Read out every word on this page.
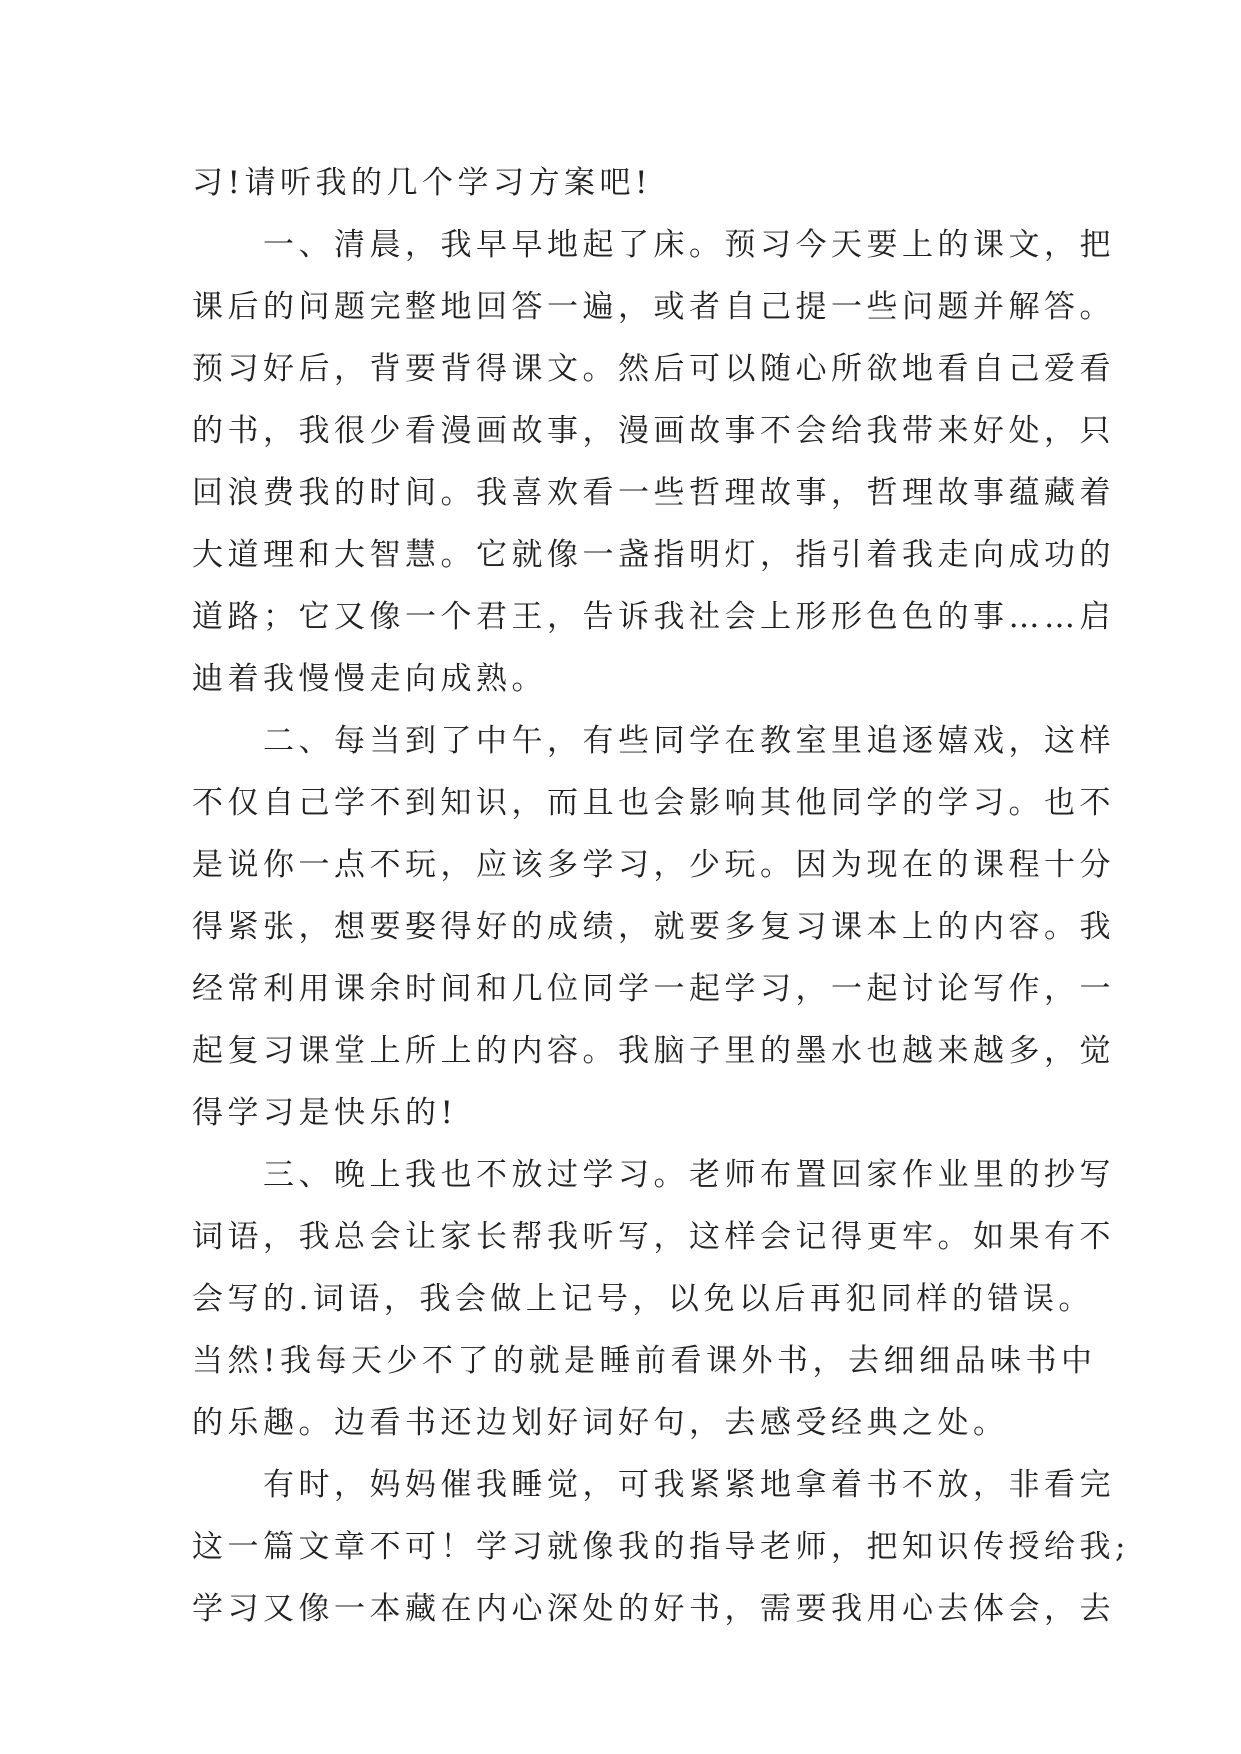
习!请听我的几个学习方案吧!
　　一、清晨，我早早地起了床。预习今天要上的课文，把
课后的问题完整地回答一遍，或者自己提一些问题并解答。
预习好后，背要背得课文。然后可以随心所欲地看自己爱看
的书，我很少看漫画故事，漫画故事不会给我带来好处，只
回浪费我的时间。我喜欢看一些哲理故事，哲理故事蕴藏着
大道理和大智慧。它就像一盏指明灯，指引着我走向成功的
道路；它又像一个君王，告诉我社会上形形色色的事……启
迪着我慢慢走向成熟。
　　二、每当到了中午，有些同学在教室里追逐嬉戏，这样
不仅自己学不到知识，而且也会影响其他同学的学习。也不
是说你一点不玩，应该多学习，少玩。因为现在的课程十分
得紧张，想要娶得好的成绩，就要多复习课本上的内容。我
经常利用课余时间和几位同学一起学习，一起讨论写作，一
起复习课堂上所上的内容。我脑子里的墨水也越来越多，觉
得学习是快乐的!
　　三、晚上我也不放过学习。老师布置回家作业里的抄写
词语，我总会让家长帮我听写，这样会记得更牢。如果有不
会写的.词语，我会做上记号，以免以后再犯同样的错误。
当然!我每天少不了的就是睡前看课外书，去细细品味书中
的乐趣。边看书还边划好词好句，去感受经典之处。
　　有时，妈妈催我睡觉，可我紧紧地拿着书不放，非看完
这一篇文章不可！学习就像我的指导老师，把知识传授给我;
学习又像一本藏在内心深处的好书，需要我用心去体会，去
